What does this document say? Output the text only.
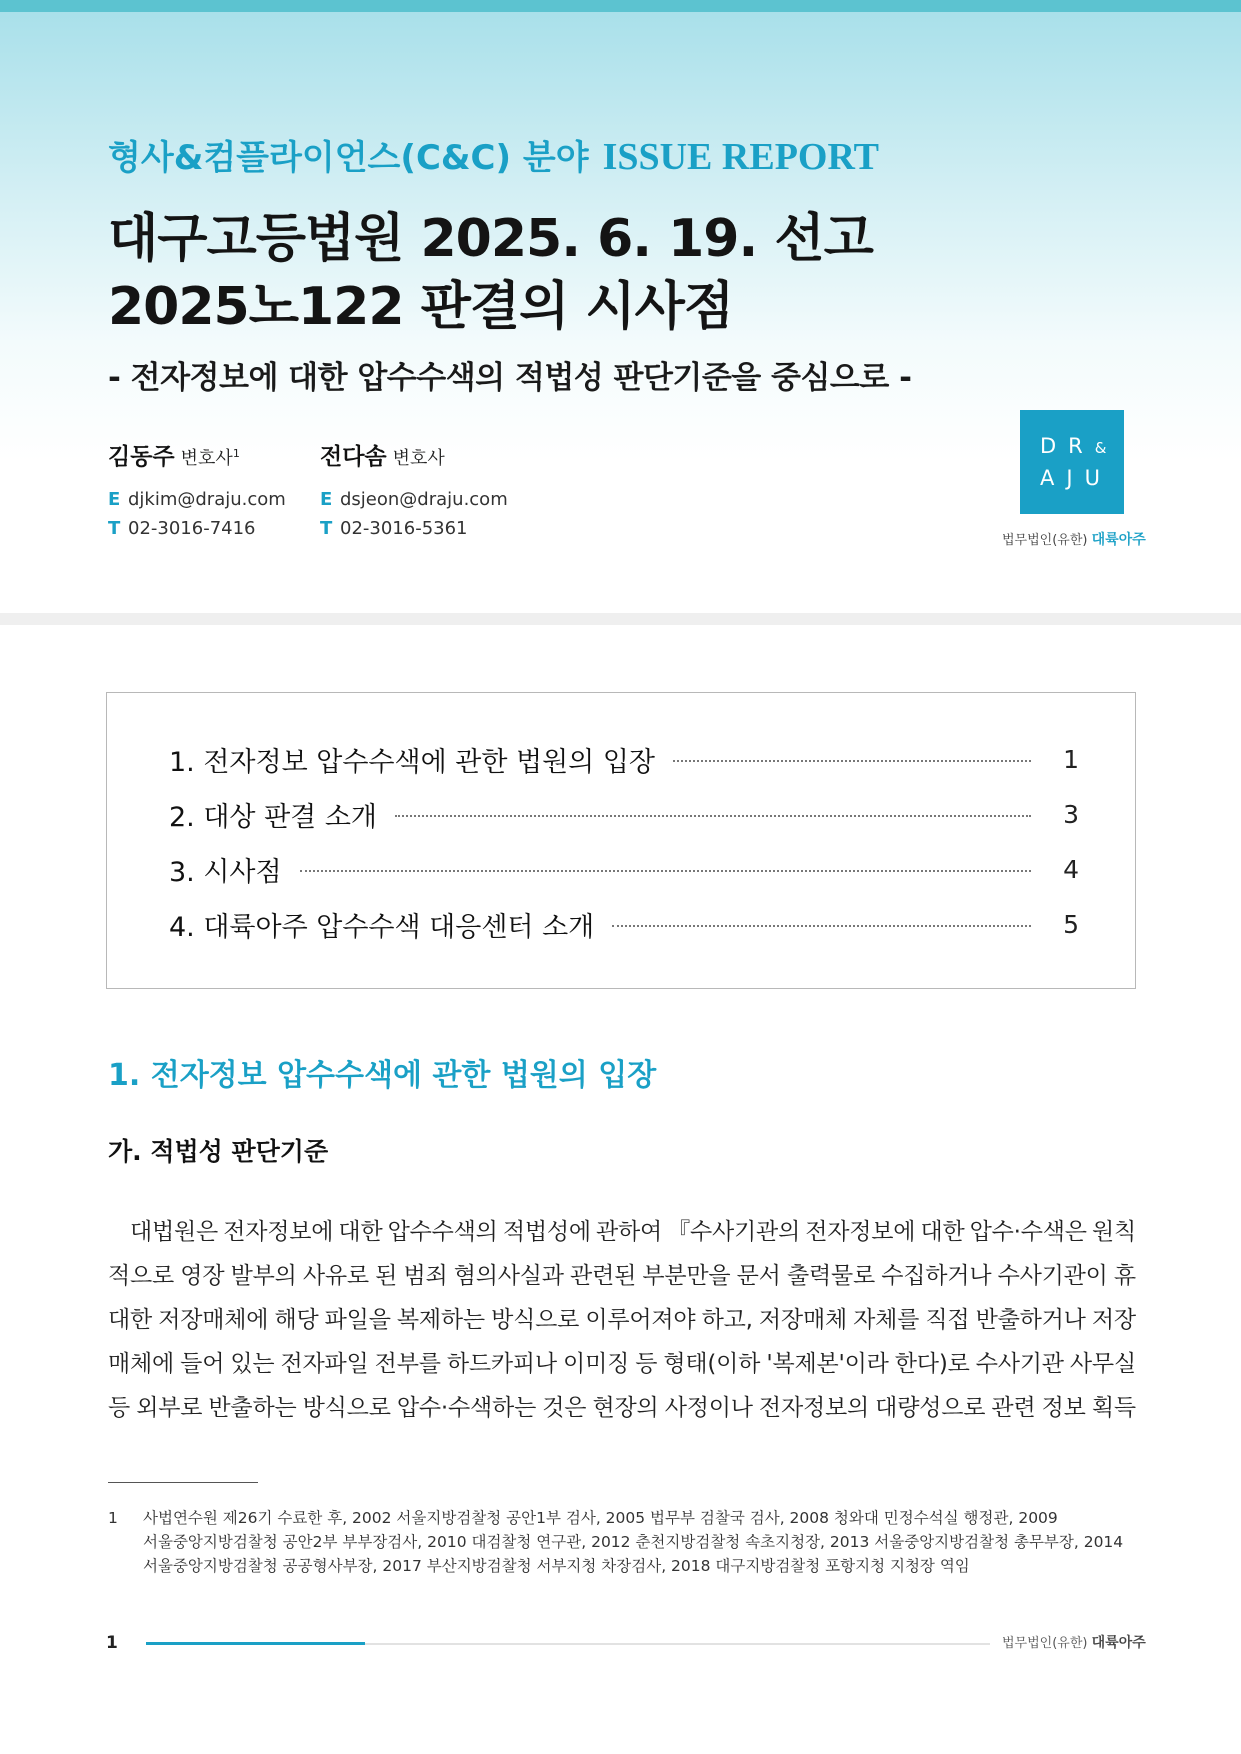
형사&컴플라이언스(C&C) 분야 ISSUE REPORT
대구고등법원 2025. 6. 19. 선고
2025노122 판결의 시사점
- 전자정보에 대한 압수수색의 적법성 판단기준을 중심으로 -
김동주 변호사$^1$
E djkim@draju.com
T 02-3016-7416
전다솜 변호사
E dsjeon@draju.com
T 02-3016-5361
DR&
AJU
법무법인(유한) 대륙아주
1. 전자정보 압수수색에 관한 법원의 입장	1
2. 대상 판결 소개	3
3. 시사점	4
4. 대륙아주 압수수색 대응센터 소개	5
1. 전자정보 압수수색에 관한 법원의 입장
가. 적법성 판단기준
대법원은 전자정보에 대한 압수수색의 적법성에 관하여 『수사기관의 전자정보에 대한 압수·수색은 원칙
적으로 영장 발부의 사유로 된 범죄 혐의사실과 관련된 부분만을 문서 출력물로 수집하거나 수사기관이 휴
대한 저장매체에 해당 파일을 복제하는 방식으로 이루어져야 하고, 저장매체 자체를 직접 반출하거나 저장
매체에 들어 있는 전자파일 전부를 하드카피나 이미징 등 형태(이하 '복제본'이라 한다)로 수사기관 사무실
등 외부로 반출하는 방식으로 압수·수색하는 것은 현장의 사정이나 전자정보의 대량성으로 관련 정보 획득
1 사법연수원 제26기 수료한 후, 2002 서울지방검찰청 공안1부 검사, 2005 법무부 검찰국 검사, 2008 청와대 민정수석실 행정관, 2009
서울중앙지방검찰청 공안2부 부부장검사, 2010 대검찰청 연구관, 2012 춘천지방검찰청 속초지청장, 2013 서울중앙지방검찰청 총무부장, 2014
서울중앙지방검찰청 공공형사부장, 2017 부산지방검찰청 서부지청 차장검사, 2018 대구지방검찰청 포항지청 지청장 역임
1	법무법인(유한) 대륙아주
